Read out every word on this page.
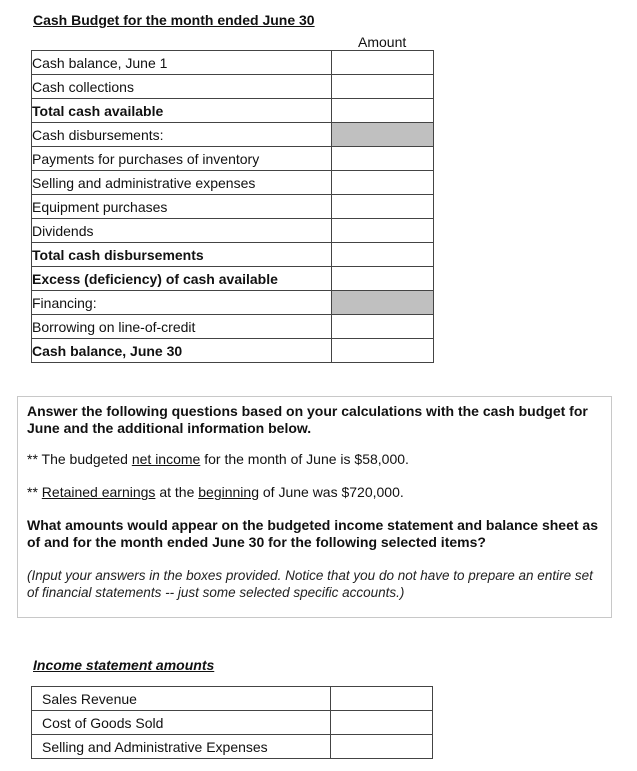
Cash Budget for the month ended June 30
Amount
Cash balance, June 1	
Cash collections	
Total cash available	
Cash disbursements:	
Payments for purchases of inventory	
Selling and administrative expenses	
Equipment purchases	
Dividends	
Total cash disbursements	
Excess (deficiency) of cash available	
Financing:	
Borrowing on line-of-credit	
Cash balance, June 30	

Answer the following questions based on your calculations with the cash budget for June and the additional information below.

** The budgeted net income for the month of June is $58,000.

** Retained earnings at the beginning of June was $720,000.

What amounts would appear on the budgeted income statement and balance sheet as of and for the month ended June 30 for the following selected items?

(Input your answers in the boxes provided. Notice that you do not have to prepare an entire set of financial statements -- just some selected specific accounts.)

Income statement amounts
Sales Revenue	
Cost of Goods Sold	
Selling and Administrative Expenses	
